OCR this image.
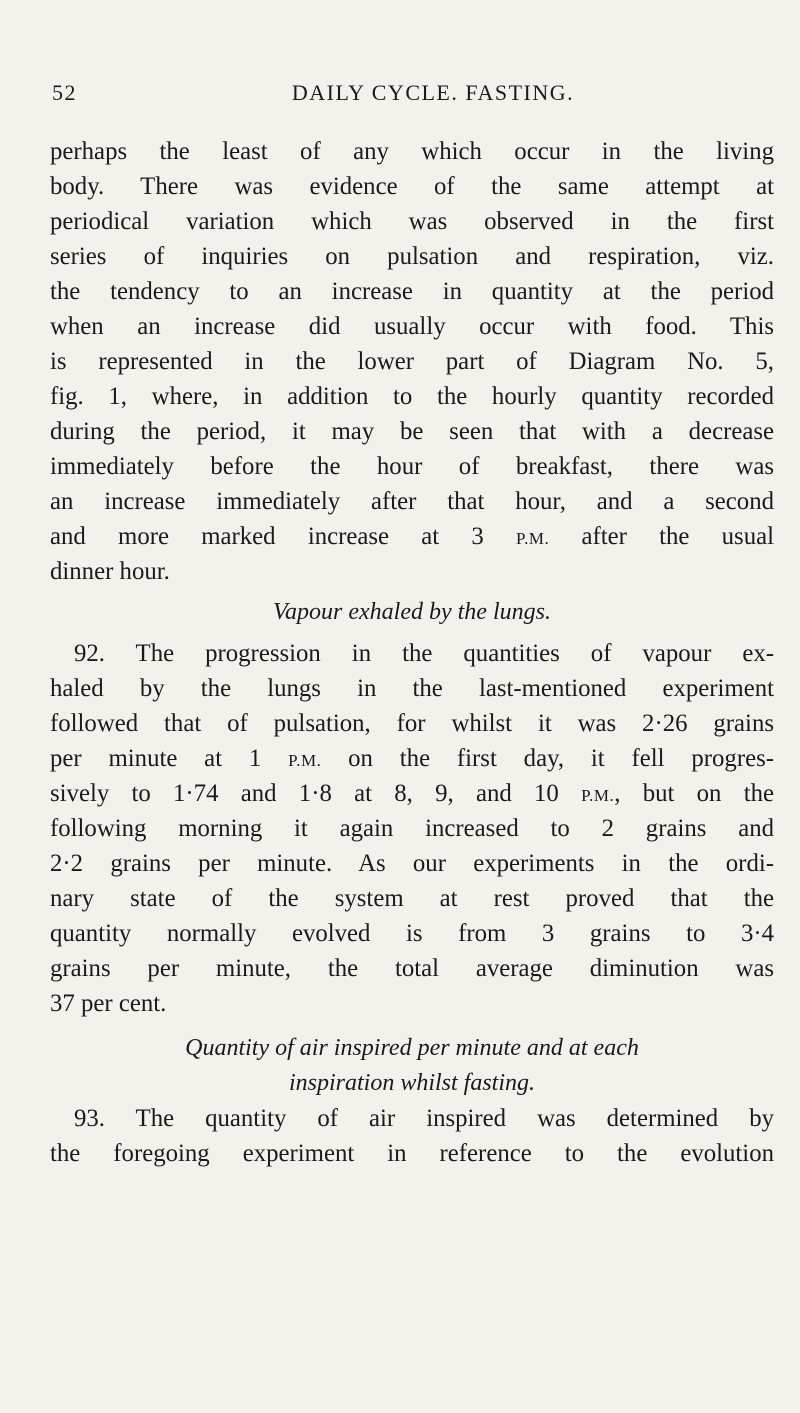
52	DAILY CYCLE. FASTING.
perhaps the least of any which occur in the living
body. There was evidence of the same attempt at
periodical variation which was observed in the first
series of inquiries on pulsation and respiration, viz.
the tendency to an increase in quantity at the period
when an increase did usually occur with food. This
is represented in the lower part of Diagram No. 5,
fig. 1, where, in addition to the hourly quantity recorded
during the period, it may be seen that with a decrease
immediately before the hour of breakfast, there was
an increase immediately after that hour, and a second
and more marked increase at 3 P.M. after the usual
dinner hour.
Vapour exhaled by the lungs.
92. The progression in the quantities of vapour ex-
haled by the lungs in the last-mentioned experiment
followed that of pulsation, for whilst it was 2·26 grains
per minute at 1 P.M. on the first day, it fell progres-
sively to 1·74 and 1·8 at 8, 9, and 10 P.M., but on the
following morning it again increased to 2 grains and
2·2 grains per minute. As our experiments in the ordi-
nary state of the system at rest proved that the
quantity normally evolved is from 3 grains to 3·4
grains per minute, the total average diminution was
37 per cent.
Quantity of air inspired per minute and at each
inspiration whilst fasting.
93. The quantity of air inspired was determined by
the foregoing experiment in reference to the evolution
